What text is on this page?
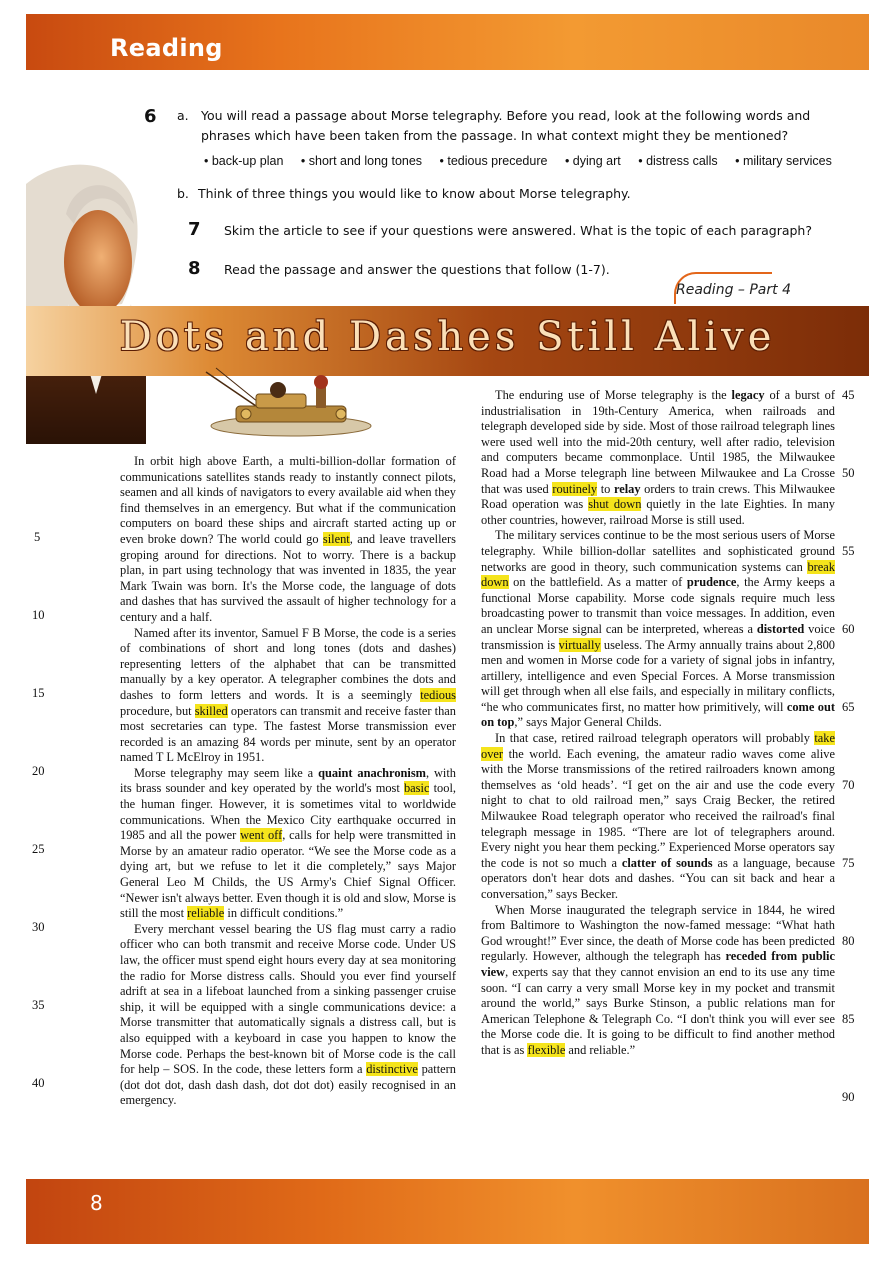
Reading
6 a. You will read a passage about Morse telegraphy. Before you read, look at the following words and phrases which have been taken from the passage. In what context might they be mentioned?
• back-up plan • short and long tones • tedious precedure • dying art • distress calls • military services
b. Think of three things you would like to know about Morse telegraphy.
7 Skim the article to see if your questions were answered. What is the topic of each paragraph?
8 Read the passage and answer the questions that follow (1-7).
Reading – Part 4
Dots and Dashes Still Alive

In orbit high above Earth, a multi-billion-dollar formation of communications satellites stands ready to instantly connect pilots, seamen and all kinds of navigators to every available aid when they find themselves in an emergency. But what if the communication computers on board these ships and aircraft started acting up or even broke down? The world could go silent, and leave travellers groping around for directions. Not to worry. There is a backup plan, in part using technology that was invented in 1835, the year Mark Twain was born. It's the Morse code, the language of dots and dashes that has survived the assault of higher technology for a century and a half.

Named after its inventor, Samuel F B Morse, the code is a series of combinations of short and long tones (dots and dashes) representing letters of the alphabet that can be transmitted manually by a key operator. A telegrapher combines the dots and dashes to form letters and words. It is a seemingly tedious procedure, but skilled operators can transmit and receive faster than most secretaries can type. The fastest Morse transmission ever recorded is an amazing 84 words per minute, sent by an operator named T L McElroy in 1951.

Morse telegraphy may seem like a quaint anachronism, with its brass sounder and key operated by the world's most basic tool, the human finger. However, it is sometimes vital to worldwide communications. When the Mexico City earthquake occurred in 1985 and all the power went off, calls for help were transmitted in Morse by an amateur radio operator. “We see the Morse code as a dying art, but we refuse to let it die completely,” says Major General Leo M Childs, the US Army's Chief Signal Officer. “Newer isn't always better. Even though it is old and slow, Morse is still the most reliable in difficult conditions.”

Every merchant vessel bearing the US flag must carry a radio officer who can both transmit and receive Morse code. Under US law, the officer must spend eight hours every day at sea monitoring the radio for Morse distress calls. Should you ever find yourself adrift at sea in a lifeboat launched from a sinking passenger cruise ship, it will be equipped with a single communications device: a Morse transmitter that automatically signals a distress call, but is also equipped with a keyboard in case you happen to know the Morse code. Perhaps the best-known bit of Morse code is the call for help – SOS. In the code, these letters form a distinctive pattern (dot dot dot, dash dash dash, dot dot dot) easily recognised in an emergency.

The enduring use of Morse telegraphy is the legacy of a burst of industrialisation in 19th-Century America, when railroads and telegraph developed side by side. Most of those railroad telegraph lines were used well into the mid-20th century, well after radio, television and computers became commonplace. Until 1985, the Milwaukee Road had a Morse telegraph line between Milwaukee and La Crosse that was used routinely to relay orders to train crews. This Milwaukee Road operation was shut down quietly in the late Eighties. In many other countries, however, railroad Morse is still used.

The military services continue to be the most serious users of Morse telegraphy. While billion-dollar satellites and sophisticated ground networks are good in theory, such communication systems can break down on the battlefield. As a matter of prudence, the Army keeps a functional Morse capability. Morse code signals require much less broadcasting power to transmit than voice messages. In addition, even an unclear Morse signal can be interpreted, whereas a distorted voice transmission is virtually useless. The Army annually trains about 2,800 men and women in Morse code for a variety of signal jobs in infantry, artillery, intelligence and even Special Forces. A Morse transmission will get through when all else fails, and especially in military conflicts, “he who communicates first, no matter how primitively, will come out on top,” says Major General Childs.

In that case, retired railroad telegraph operators will probably take over the world. Each evening, the amateur radio waves come alive with the Morse transmissions of the retired railroaders known among themselves as ‘old heads’. “I get on the air and use the code every night to chat to old railroad men,” says Craig Becker, the retired Milwaukee Road telegraph operator who received the railroad's final telegraph message in 1985. “There are lot of telegraphers around. Every night you hear them pecking.” Experienced Morse operators say the code is not so much a clatter of sounds as a language, because operators don't hear dots and dashes. “You can sit back and hear a conversation,” says Becker.

When Morse inaugurated the telegraph service in 1844, he wired from Baltimore to Washington the now-famed message: “What hath God wrought!” Ever since, the death of Morse code has been predicted regularly. However, although the telegraph has receded from public view, experts say that they cannot envision an end to its use any time soon. “I can carry a very small Morse key in my pocket and transmit around the world,” says Burke Stinson, a public relations man for American Telephone & Telegraph Co. “I don't think you will ever see the Morse code die. It is going to be difficult to find another method that is as flexible and reliable.”

5
10
15
20
25
30
35
40
45
50
55
60
65
70
75
80
85
90
8
